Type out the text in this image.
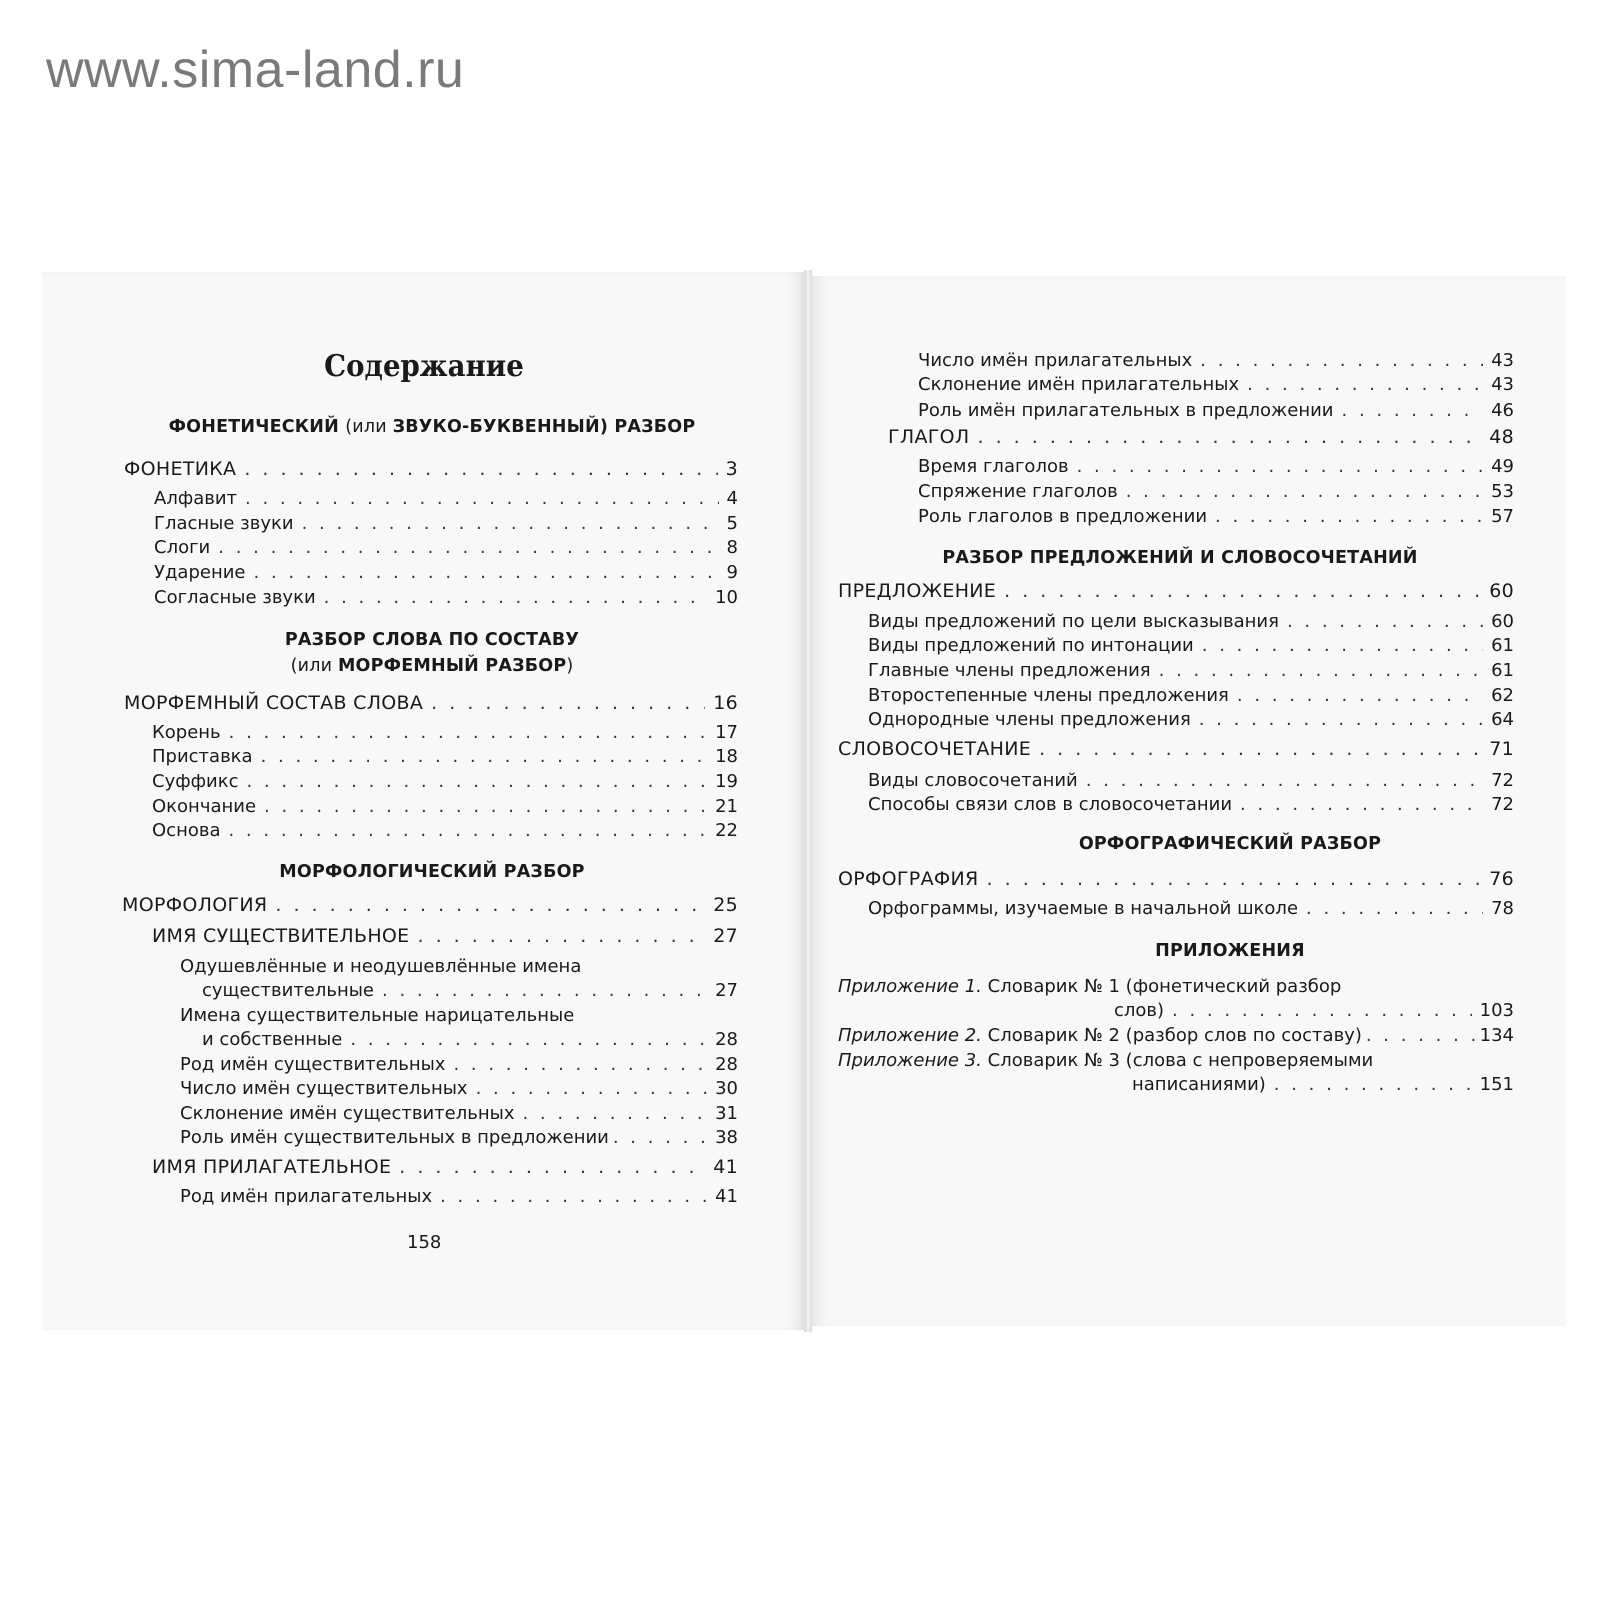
www.sima-land.ru
Содержание
ФОНЕТИЧЕСКИЙ (или ЗВУКО-БУКВЕННЫЙ) РАЗБОР
ФОНЕТИКА . . .	3
Алфавит . . .	4
Гласные звуки . . .	5
Слоги . . .	8
Ударение . . .	9
Согласные звуки . . .	10
РАЗБОР СЛОВА ПО СОСТАВУ
(или МОРФЕМНЫЙ РАЗБОР)
МОРФЕМНЫЙ СОСТАВ СЛОВА . . .	16
Корень . . .	17
Приставка . . .	18
Суффикс . . .	19
Окончание . . .	21
Основа . . .	22
МОРФОЛОГИЧЕСКИЙ РАЗБОР
МОРФОЛОГИЯ . . .	25
ИМЯ СУЩЕСТВИТЕЛЬНОЕ . . .	27
Одушевлённые и неодушевлённые имена
существительные . . .	27
Имена существительные нарицательные
и собственные . . .	28
Род имён существительных . . .	28
Число имён существительных . . .	30
Склонение имён существительных . . .	31
Роль имён существительных в предложении . . .	38
ИМЯ ПРИЛАГАТЕЛЬНОЕ . . .	41
Род имён прилагательных . . .	41
158
Число имён прилагательных . . .	43
Склонение имён прилагательных . . .	43
Роль имён прилагательных в предложении . . .	46
ГЛАГОЛ . . .	48
Время глаголов . . .	49
Спряжение глаголов . . .	53
Роль глаголов в предложении . . .	57
РАЗБОР ПРЕДЛОЖЕНИЙ И СЛОВОСОЧЕТАНИЙ
ПРЕДЛОЖЕНИЕ . . .	60
Виды предложений по цели высказывания . . .	60
Виды предложений по интонации . . .	61
Главные члены предложения . . .	61
Второстепенные члены предложения . . .	62
Однородные члены предложения . . .	64
СЛОВОСОЧЕТАНИЕ . . .	71
Виды словосочетаний . . .	72
Способы связи слов в словосочетании . . .	72
ОРФОГРАФИЧЕСКИЙ РАЗБОР
ОРФОГРАФИЯ . . .	76
Орфограммы, изучаемые в начальной школе . . .	78
ПРИЛОЖЕНИЯ
Приложение 1. Словарик № 1 (фонетический разбор
слов) . . .	103
Приложение 2. Словарик № 2 (разбор слов по составу) . . .	134
Приложение 3. Словарик № 3 (слова с непроверяемыми
написаниями) . . .	151
